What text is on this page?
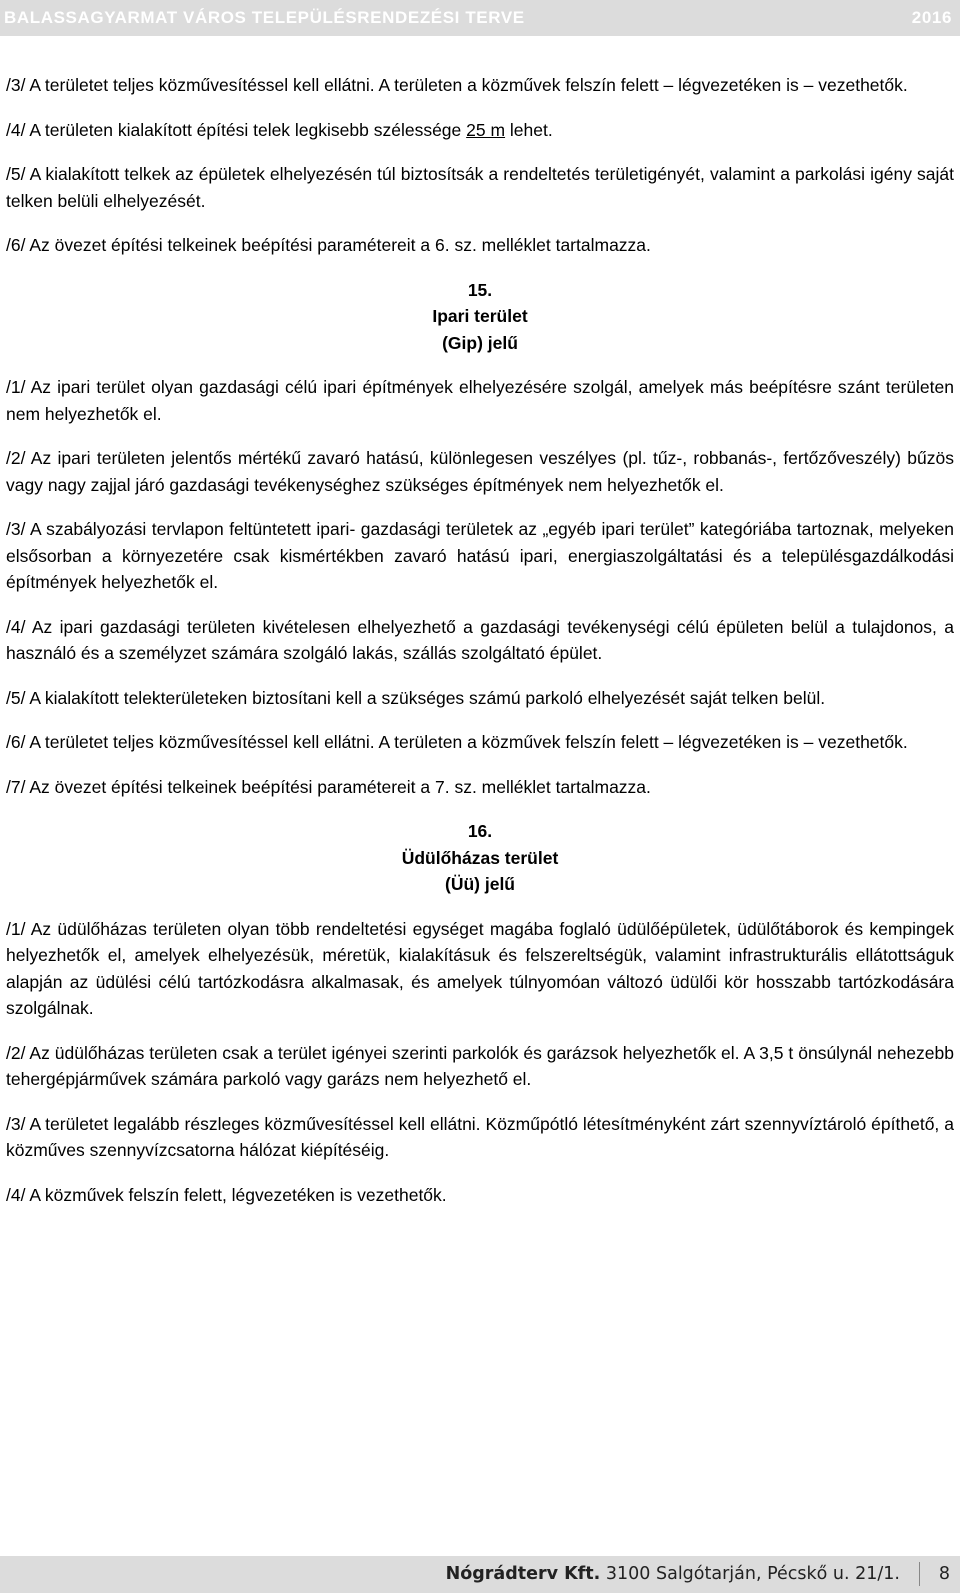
BALASSAGYARMAT VÁROS TELEPÜLÉSRENDEZÉSI TERVE	2016

/3/ A területet teljes közművesítéssel kell ellátni. A területen a közművek felszín felett – légvezetéken is – vezethetők.

/4/ A területen kialakított építési telek legkisebb szélessége 25 m lehet.

/5/ A kialakított telkek az épületek elhelyezésén túl biztosítsák a rendeltetés területigényét, valamint a parkolási igény saját telken belüli elhelyezését.

/6/ Az övezet építési telkeinek beépítési paramétereit a 6. sz. melléklet tartalmazza.

15.
Ipari terület
(Gip) jelű

/1/ Az ipari terület olyan gazdasági célú ipari építmények elhelyezésére szolgál, amelyek más beépítésre szánt területen nem helyezhetők el.

/2/ Az ipari területen jelentős mértékű zavaró hatású, különlegesen veszélyes (pl. tűz-, robbanás-, fertőzőveszély) bűzös vagy nagy zajjal járó gazdasági tevékenységhez szükséges építmények nem helyezhetők el.

/3/ A szabályozási tervlapon feltüntetett ipari- gazdasági területek az „egyéb ipari terület” kategóriába tartoznak, melyeken elsősorban a környezetére csak kismértékben zavaró hatású ipari, energiaszolgáltatási és a településgazdálkodási építmények helyezhetők el.

/4/ Az ipari gazdasági területen kivételesen elhelyezhető a gazdasági tevékenységi célú épületen belül a tulajdonos, a használó és a személyzet számára szolgáló lakás, szállás szolgáltató épület.

/5/ A kialakított telekterületeken biztosítani kell a szükséges számú parkoló elhelyezését saját telken belül.

/6/ A területet teljes közművesítéssel kell ellátni. A területen a közművek felszín felett – légvezetéken is – vezethetők.

/7/ Az övezet építési telkeinek beépítési paramétereit a 7. sz. melléklet tartalmazza.

16.
Üdülőházas terület
(Üü) jelű

/1/ Az üdülőházas területen olyan több rendeltetési egységet magába foglaló üdülőépületek, üdülőtáborok és kempingek helyezhetők el, amelyek elhelyezésük, méretük, kialakításuk és felszereltségük, valamint infrastrukturális ellátottságuk alapján az üdülési célú tartózkodásra alkalmasak, és amelyek túlnyomóan változó üdülői kör hosszabb tartózkodására szolgálnak.

/2/ Az üdülőházas területen csak a terület igényei szerinti parkolók és garázsok helyezhetők el. A 3,5 t önsúlynál nehezebb tehergépjárművek számára parkoló vagy garázs nem helyezhető el.

/3/ A területet legalább részleges közművesítéssel kell ellátni. Közműpótló létesítményként zárt szennyvíztároló építhető, a közműves szennyvízcsatorna hálózat kiépítéséig.

/4/ A közművek felszín felett, légvezetéken is vezethetők.

Nógrádterv Kft. 3100 Salgótarján, Pécskő u. 21/1. 8
